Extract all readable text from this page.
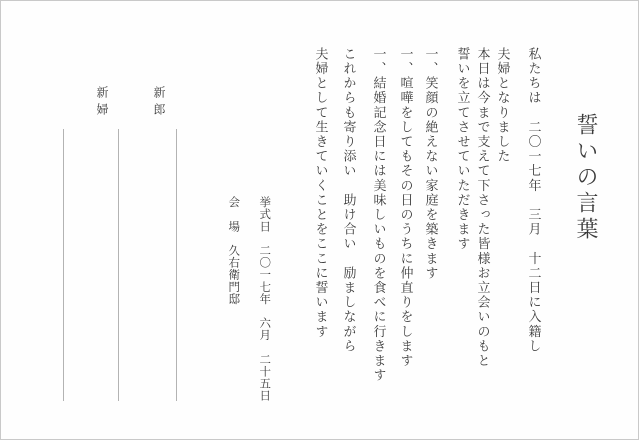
誓いの言葉

私たちは　二〇一七年　三月　十二日に入籍し

夫婦となりました

本日は今まで支えて下さった皆様お立会いのもと

誓いを立てさせていただきます

一、笑顔の絶えない家庭を築きます

一、喧嘩をしてもその日のうちに仲直りをします

一、結婚記念日には美味しいものを食べに行きます

これからも寄り添い　助け合い　励ましながら

夫婦として生きていくことをここに誓います

挙式日　二〇一七年　六月　二十五日

会　場　久右衛門邸

新郎

新婦
